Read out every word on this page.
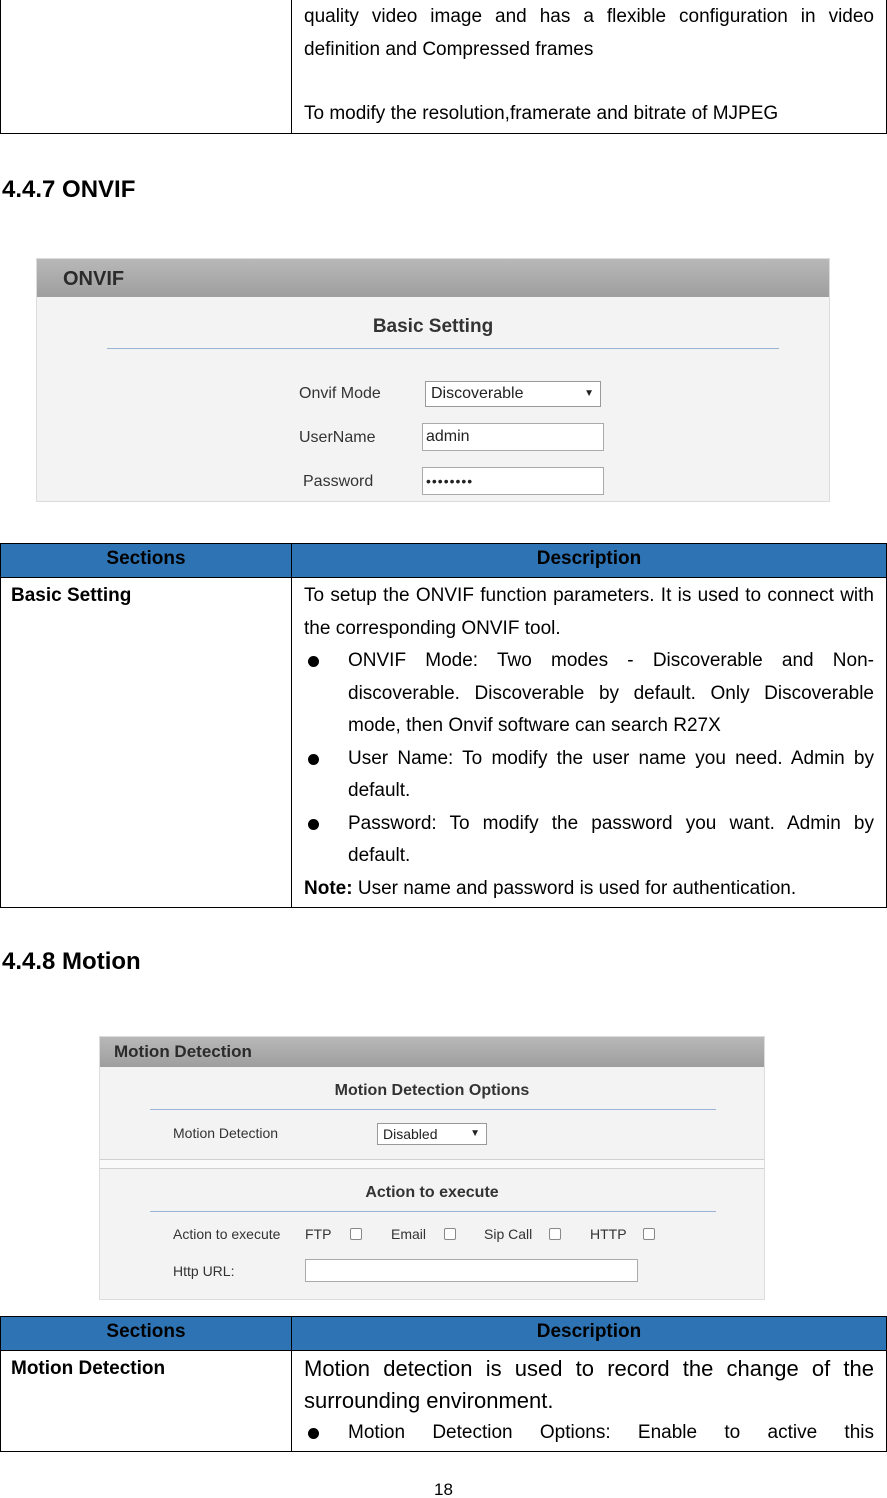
quality video image and has a flexible configuration in video
definition and Compressed frames
To modify the resolution,framerate and bitrate of MJPEG
4.4.7 ONVIF
ONVIF
Basic Setting
Onvif Mode	Discoverable	▼
UserName	admin
Password	••••••••
Sections	Description
Basic Setting	To setup the ONVIF function parameters. It is used to connect with the corresponding ONVIF tool.
ONVIF Mode: Two modes - Discoverable and Non-discoverable. Discoverable by default. Only Discoverable mode, then Onvif software can search R27X
User Name: To modify the user name you need. Admin by default.
Password: To modify the password you want. Admin by default.
Note: User name and password is used for authentication.
4.4.8 Motion
Motion Detection
Motion Detection Options
Motion Detection	Disabled	▼
Action to execute
Action to execute FTP	Email	Sip Call	HTTP
Http URL:
Sections	Description
Motion Detection	Motion detection is used to record the change of the surrounding environment.
Motion Detection Options: Enable to active this
18
